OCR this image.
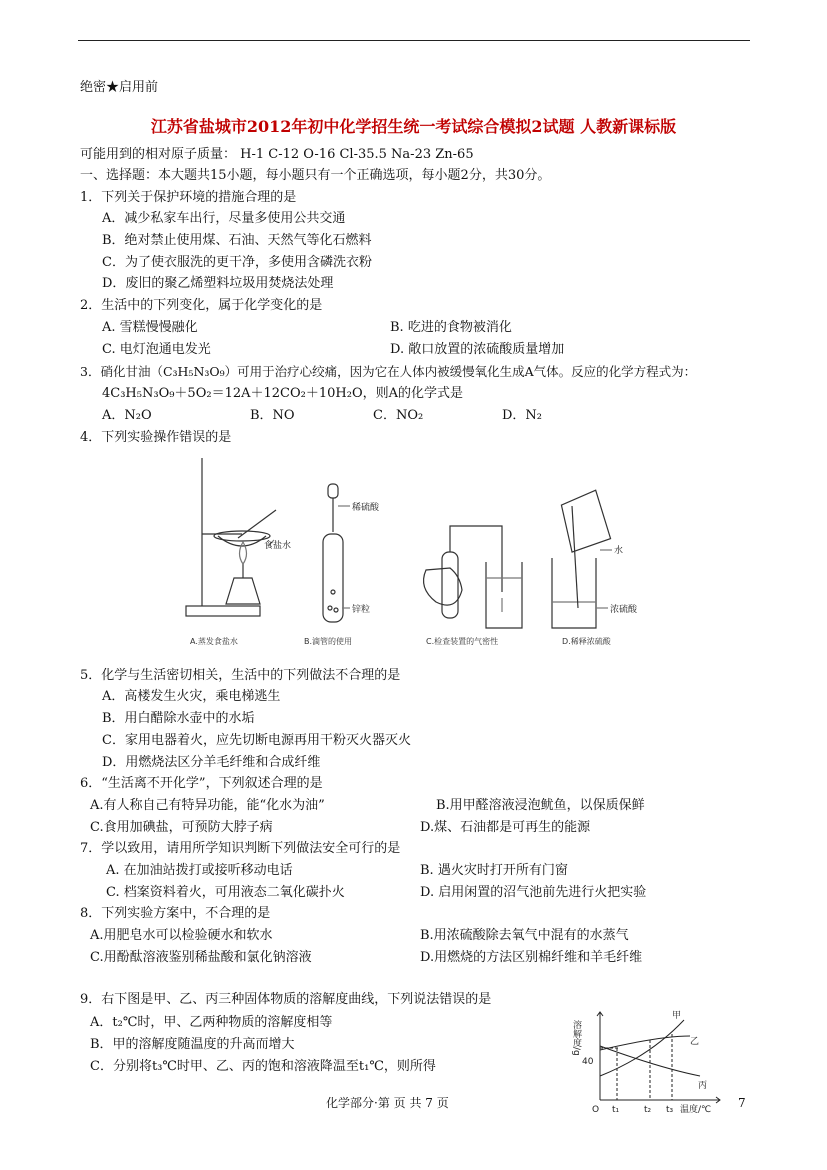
绝密★启用前
江苏省盐城市2012年初中化学招生统一考试综合模拟2试题 人教新课标版
可能用到的相对原子质量： H-1 C-12 O-16 Cl-35.5 Na-23 Zn-65
一、选择题：本大题共15小题，每小题只有一个正确选项，每小题2分，共30分。
1．下列关于保护环境的措施合理的是
A．减少私家车出行，尽量多使用公共交通
B．绝对禁止使用煤、石油、天然气等化石燃料
C．为了使衣服洗的更干净，多使用含磷洗衣粉
D．废旧的聚乙烯塑料垃圾用焚烧法处理
2．生活中的下列变化，属于化学变化的是
A. 雪糕慢慢融化	B. 吃进的食物被消化
C. 电灯泡通电发光	D. 敞口放置的浓硫酸质量增加
3．硝化甘油（C₃H₅N₃O₉）可用于治疗心绞痛，因为它在人体内被缓慢氧化生成A气体。反应的化学方程式为：
4C₃H₅N₃O₉＋5O₂＝12A＋12CO₂＋10H₂O，则A的化学式是
A．N₂O	B．NO	C．NO₂	D．N₂
4．下列实验操作错误的是
食盐水
稀硫酸
锌粒
水
浓硫酸
A.蒸发食盐水	B.滴管的使用	C.检查装置的气密性	D.稀释浓硫酸
5．化学与生活密切相关，生活中的下列做法不合理的是
A．高楼发生火灾，乘电梯逃生
B．用白醋除水壶中的水垢
C．家用电器着火，应先切断电源再用干粉灭火器灭火
D．用燃烧法区分羊毛纤维和合成纤维
6．“生活离不开化学”，下列叙述合理的是
A.有人称自己有特异功能，能“化水为油”	B.用甲醛溶液浸泡鱿鱼，以保质保鲜
C.食用加碘盐，可预防大脖子病	D.煤、石油都是可再生的能源
7．学以致用，请用所学知识判断下列做法安全可行的是
A. 在加油站拨打或接听移动电话	B. 遇火灾时打开所有门窗
C. 档案资料着火，可用液态二氧化碳扑火	D. 启用闲置的沼气池前先进行火把实验
8．下列实验方案中，不合理的是
A.用肥皂水可以检验硬水和软水	B.用浓硫酸除去氧气中混有的水蒸气
C.用酚酞溶液鉴别稀盐酸和氯化钠溶液	D.用燃烧的方法区别棉纤维和羊毛纤维
9．右下图是甲、乙、丙三种固体物质的溶解度曲线，下列说法错误的是
A．t₂℃时，甲、乙两种物质的溶解度相等
B．甲的溶解度随温度的升高而增大
C．分别将t₃℃时甲、乙、丙的饱和溶液降温至t₁℃，则所得
溶解度/g
40
O t₁	t₂ t₃ 温度/℃
甲
乙
丙
化学部分·第 页 共 7 页	7
